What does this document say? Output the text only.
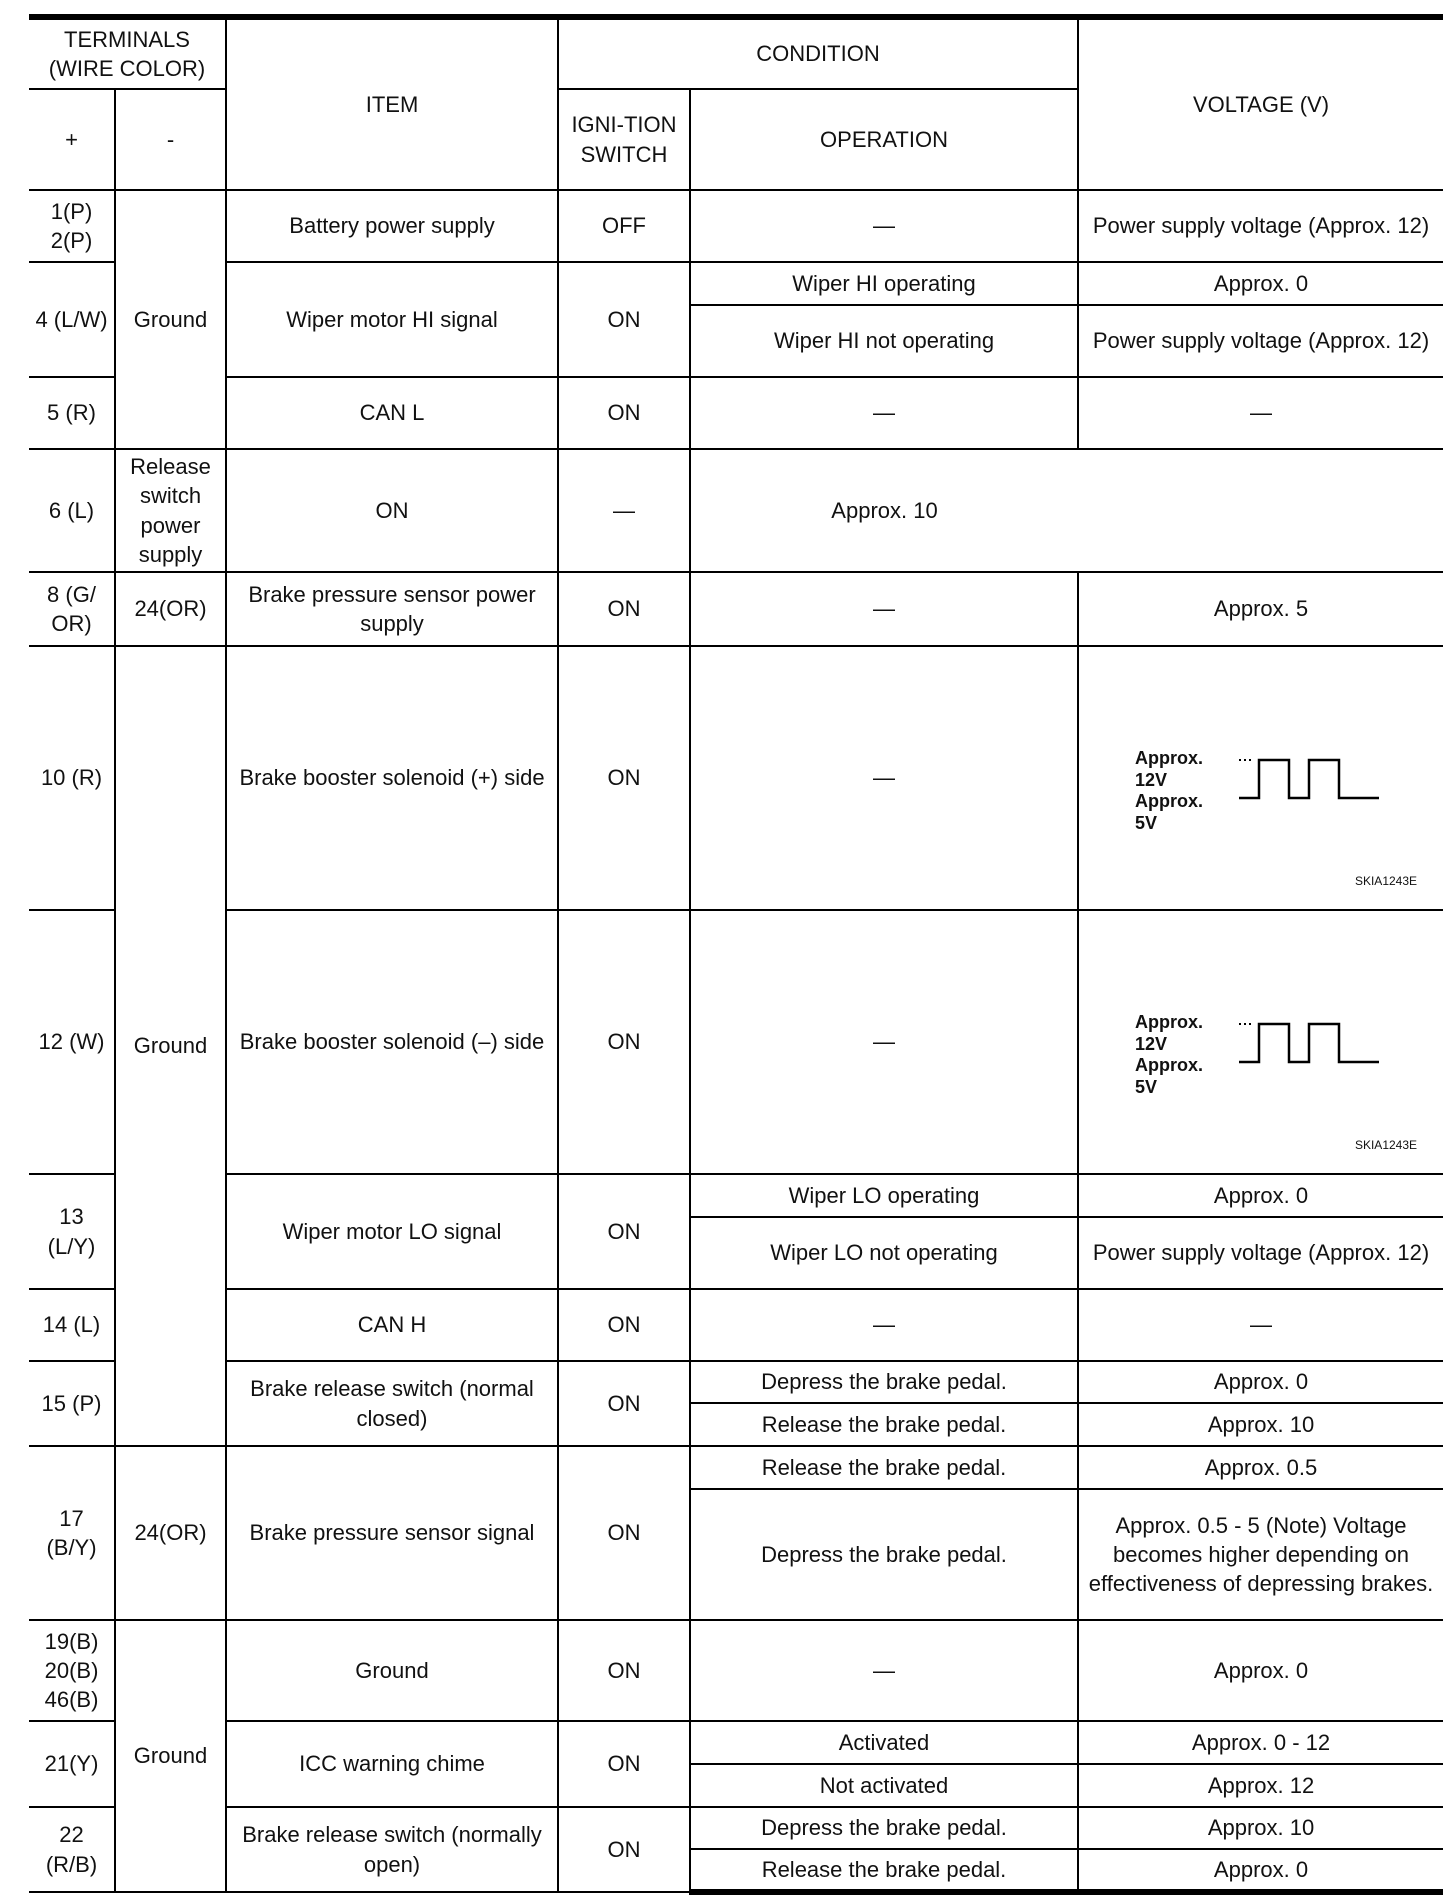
TERMINALS (WIRE COLOR)		ITEM	CONDITION		VOLTAGE (V)
+	-		IGNI-TION SWITCH	OPERATION	
1(P) 2(P)	Ground	Battery power supply	OFF	—	Power supply voltage (Approx. 12)
4 (L/W)		Wiper motor HI signal	ON	Wiper HI operating	Approx. 0
				Wiper HI not operating	Power supply voltage (Approx. 12)
5 (R)		CAN L	ON	—	—
6 (L)	Release switch power supply	ON	—	Approx. 10	
8 (G/ OR)	24(OR)	Brake pressure sensor power supply	ON	—	Approx. 5
10 (R)	Ground	Brake booster solenoid (+) side	ON	—	Approx. 12V
Approx. 5V
SKIA1243E

12 (W)		Brake booster solenoid (–) side	ON	—	Approx. 12V
Approx. 5V
SKIA1243E

13 (L/Y)		Wiper motor LO signal	ON	Wiper LO operating	Approx. 0
				Wiper LO not operating	Power supply voltage (Approx. 12)
14 (L)		CAN H	ON	—	—
15 (P)		Brake release switch (normal closed)	ON	Depress the brake pedal.	Approx. 0
				Release the brake pedal.	Approx. 10
17 (B/Y)	24(OR)	Brake pressure sensor signal	ON	Release the brake pedal.	Approx. 0.5
				Depress the brake pedal.	Approx. 0.5 - 5 (Note) Voltage becomes higher depending on effectiveness of depressing brakes.
19(B) 20(B) 46(B)	Ground	Ground	ON	—	Approx. 0
21(Y)		ICC warning chime	ON	Activated	Approx. 0 - 12
				Not activated	Approx. 12
22 (R/B)		Brake release switch (normally open)	ON	Depress the brake pedal.	Approx. 10
				Release the brake pedal.	Approx. 0
